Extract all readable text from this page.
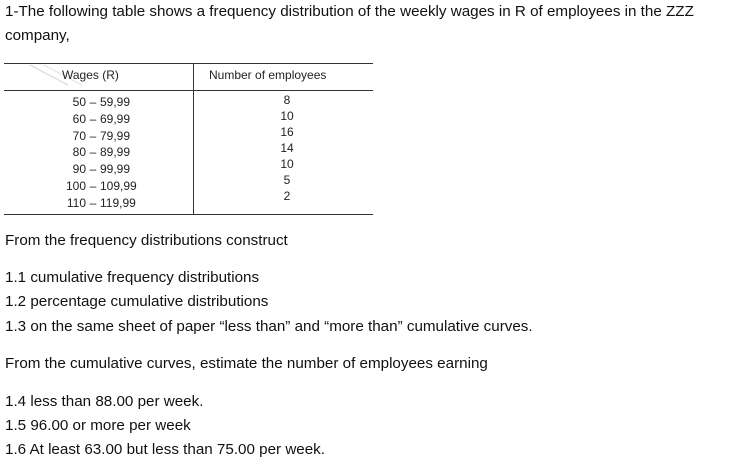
1-The following table shows a frequency distribution of the weekly wages in R of employees in the ZZZ company,

Wages (R)	Number of employees
50 – 59,99
60 – 69,99
70 – 79,99
80 – 89,99
90 – 99,99
100 – 109,99
110 – 119,99
8
10
16
14
10
5
2

From the frequency distributions construct

1.1 cumulative frequency distributions

1.2 percentage cumulative distributions

1.3 on the same sheet of paper “less than” and “more than” cumulative curves.

From the cumulative curves, estimate the number of employees earning

1.4 less than 88.00 per week.

1.5 96.00 or more per week

1.6 At least 63.00 but less than 75.00 per week.
